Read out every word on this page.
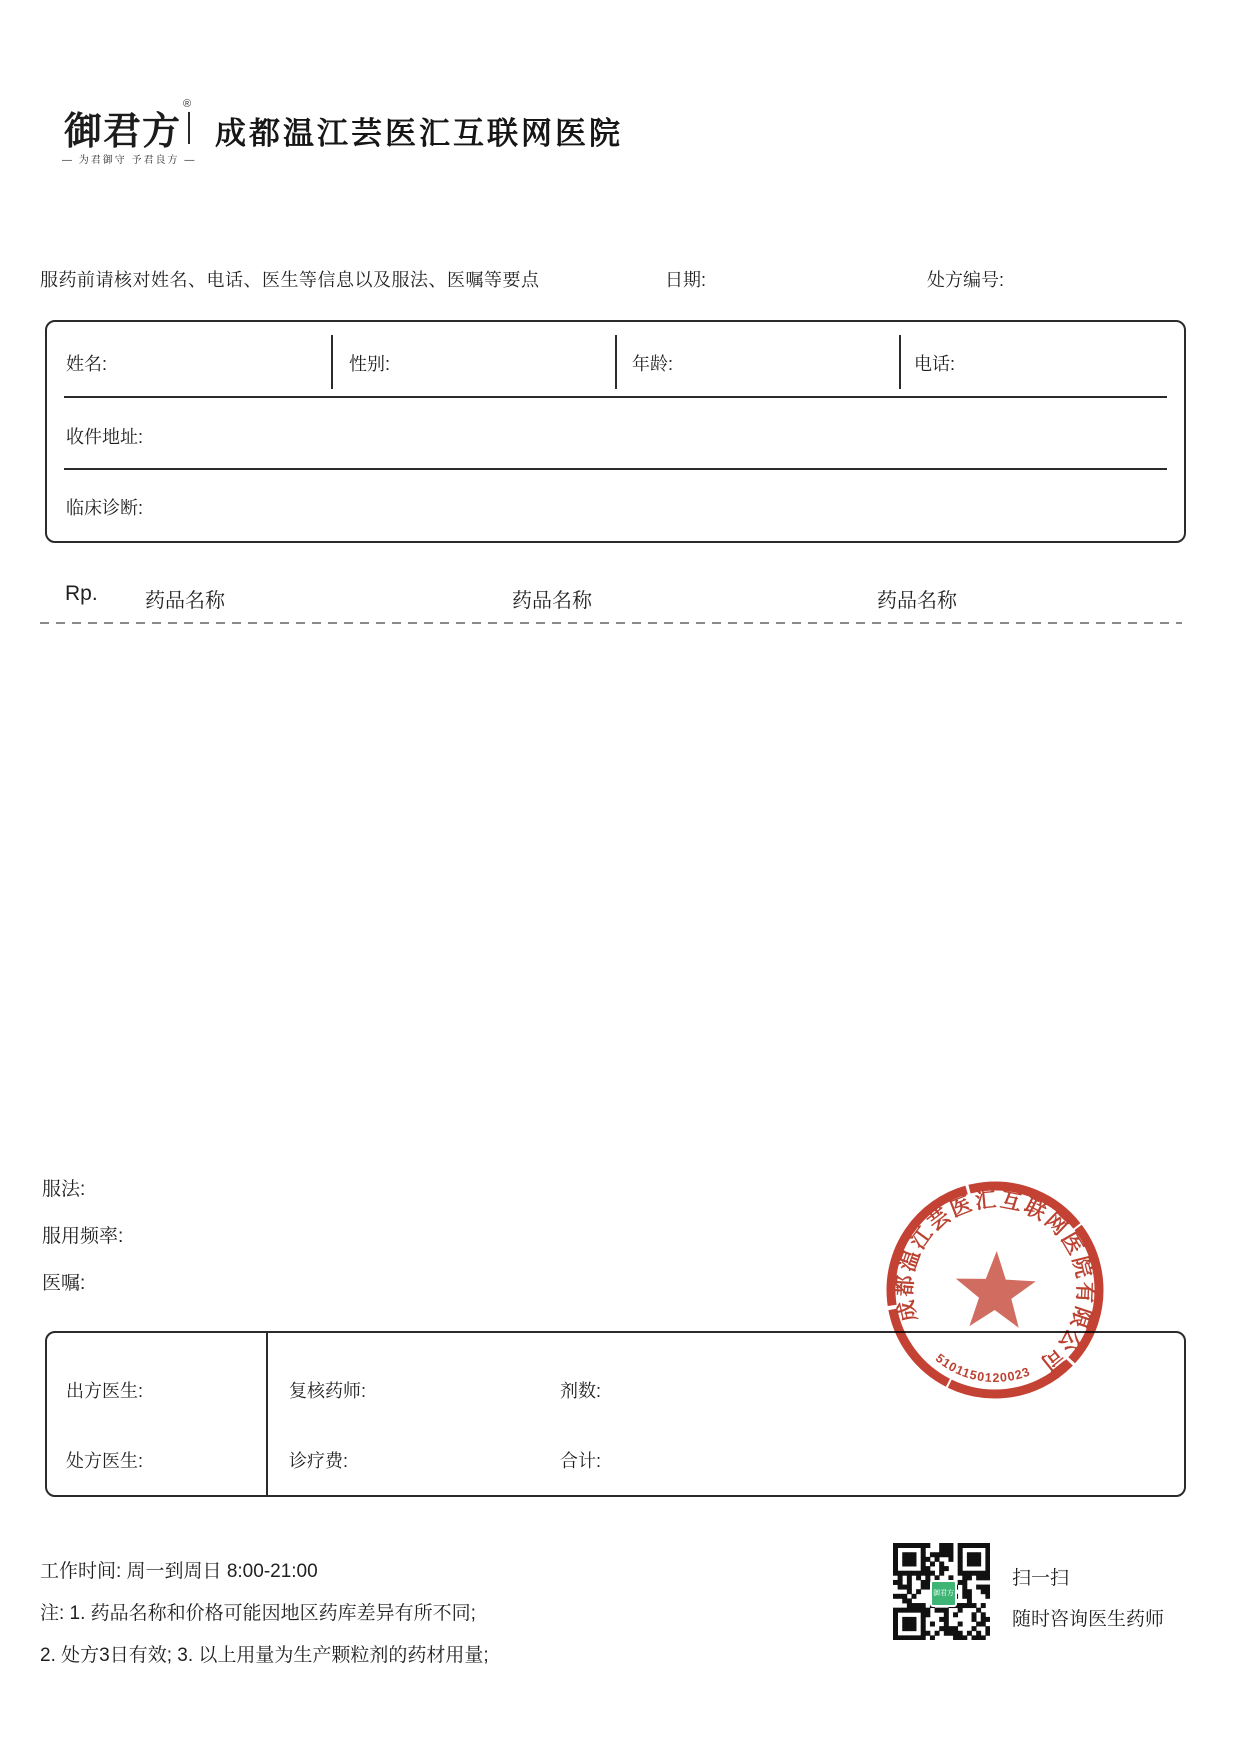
御君方
®
— 为君御守 予君良方 —
成都温江芸医汇互联网医院
服药前请核对姓名、电话、医生等信息以及服法、医嘱等要点	日期:	处方编号:
姓名:	性别:	年龄:	电话:
收件地址:
临床诊断:
Rp. 药品名称	药品名称	药品名称
服法:
服用频率:
医嘱:
出方医生:	复核药师:	剂数:
处方医生:	诊疗费:	合计:
成都温江芸医汇互联网医院有限公司
5101150120023
工作时间: 周一到周日 8:00-21:00
注: 1. 药品名称和价格可能因地区药库差异有所不同;
2. 处方3日有效; 3. 以上用量为生产颗粒剂的药材用量;
御君方
扫一扫
随时咨询医生药师
